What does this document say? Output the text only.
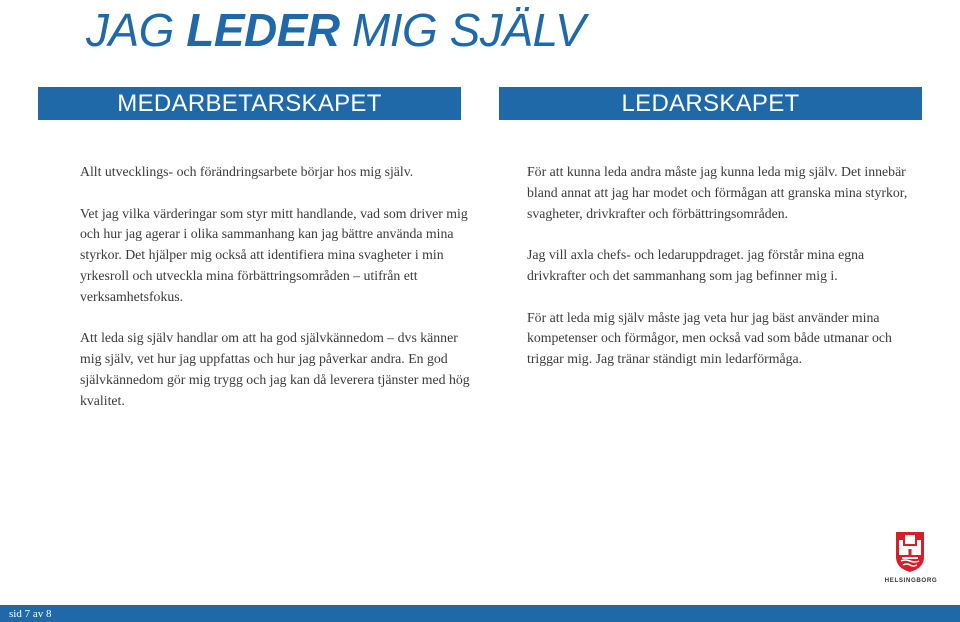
JAG LEDER MIG SJÄLV
MEDARBETARSKAPET	LEDARSKAPET

Allt utvecklings- och förändringsarbete börjar hos mig själv.

Vet jag vilka värderingar som styr mitt handlande, vad som driver mig och hur jag agerar i olika sammanhang kan jag bättre använda mina styrkor. Det hjälper mig också att identifiera mina svagheter i min yrkesroll och utveckla mina förbättringsområden – utifrån ett verksamhetsfokus.

Att leda sig själv handlar om att ha god självkännedom – dvs känner mig själv, vet hur jag uppfattas och hur jag påverkar andra. En god självkännedom gör mig trygg och jag kan då leverera tjänster med hög kvalitet.

För att kunna leda andra måste jag kunna leda mig själv. Det innebär bland annat att jag har modet och förmågan att granska mina styrkor, svagheter, drivkrafter och förbättringsområden.

Jag vill axla chefs- och ledaruppdraget. jag förstår mina egna drivkrafter och det sammanhang som jag befinner mig i.

För att leda mig själv måste jag veta hur jag bäst använder mina kompetenser och förmågor, men också vad som både utmanar och triggar mig. Jag tränar ständigt min ledarförmåga.

HELSINGBORG
sid 7 av 8
